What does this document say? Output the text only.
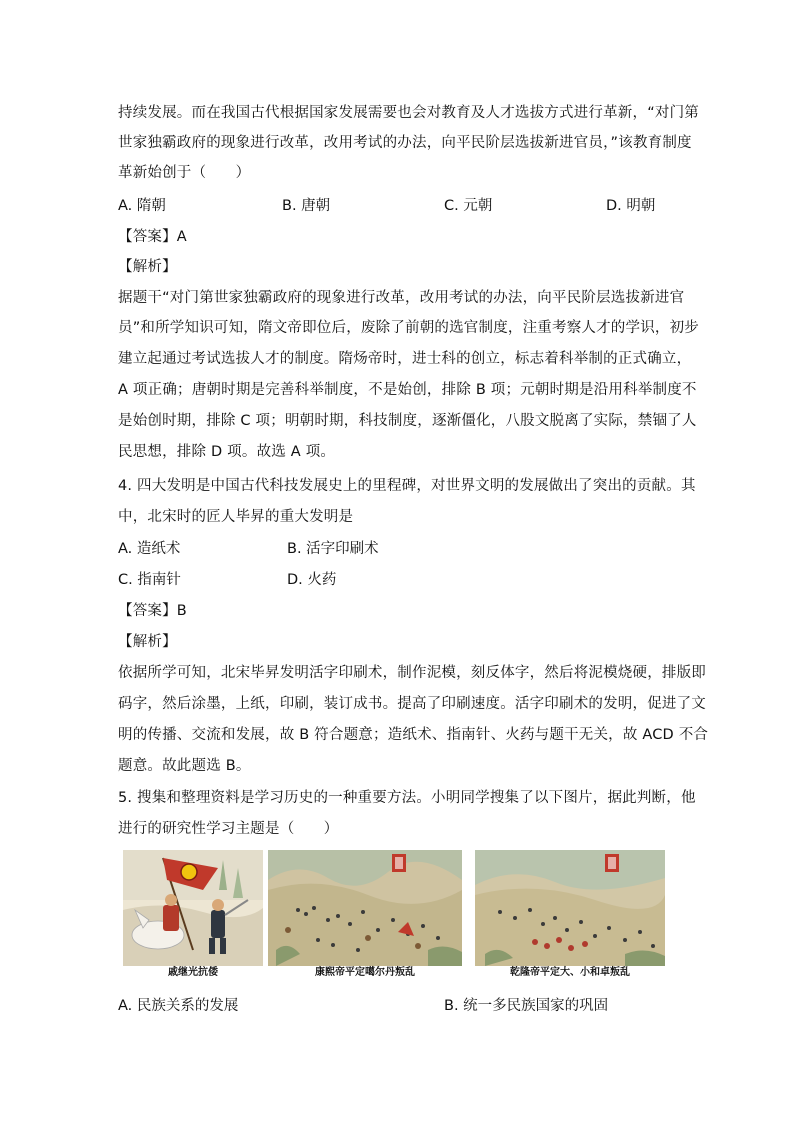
持续发展。而在我国古代根据国家发展需要也会对教育及人才选拔方式进行革新，“对门第
世家独霸政府的现象进行改革，改用考试的办法，向平民阶层选拔新进官员，”该教育制度
革新始创于（　　）
A. 隋朝	B. 唐朝	C. 元朝	D. 明朝
【答案】A
【解析】
据题干“对门第世家独霸政府的现象进行改革，改用考试的办法，向平民阶层选拔新进官
员”和所学知识可知，隋文帝即位后，废除了前朝的选官制度，注重考察人才的学识，初步
建立起通过考试选拔人才的制度。隋炀帝时，进士科的创立，标志着科举制的正式确立，
A 项正确；唐朝时期是完善科举制度，不是始创，排除 B 项；元朝时期是沿用科举制度不
是始创时期，排除 C 项；明朝时期，科技制度，逐渐僵化，八股文脱离了实际，禁锢了人
民思想，排除 D 项。故选 A 项。
4. 四大发明是中国古代科技发展史上的里程碑，对世界文明的发展做出了突出的贡献。其
中，北宋时的匠人毕昇的重大发明是
A. 造纸术	B. 活字印刷术
C. 指南针	D. 火药
【答案】B
【解析】
依据所学可知，北宋毕昇发明活字印刷术，制作泥模，刻反体字，然后将泥模烧硬，排版即
码字，然后涂墨，上纸，印刷，装订成书。提高了印刷速度。活字印刷术的发明，促进了文
明的传播、交流和发展，故 B 符合题意；造纸术、指南针、火药与题干无关，故 ACD 不合
题意。故此题选 B。
5. 搜集和整理资料是学习历史的一种重要方法。小明同学搜集了以下图片，据此判断，他
进行的研究性学习主题是（　　）
戚继光抗倭	康熙帝平定噶尔丹叛乱	乾隆帝平定大、小和卓叛乱
A. 民族关系的发展	B. 统一多民族国家的巩固
